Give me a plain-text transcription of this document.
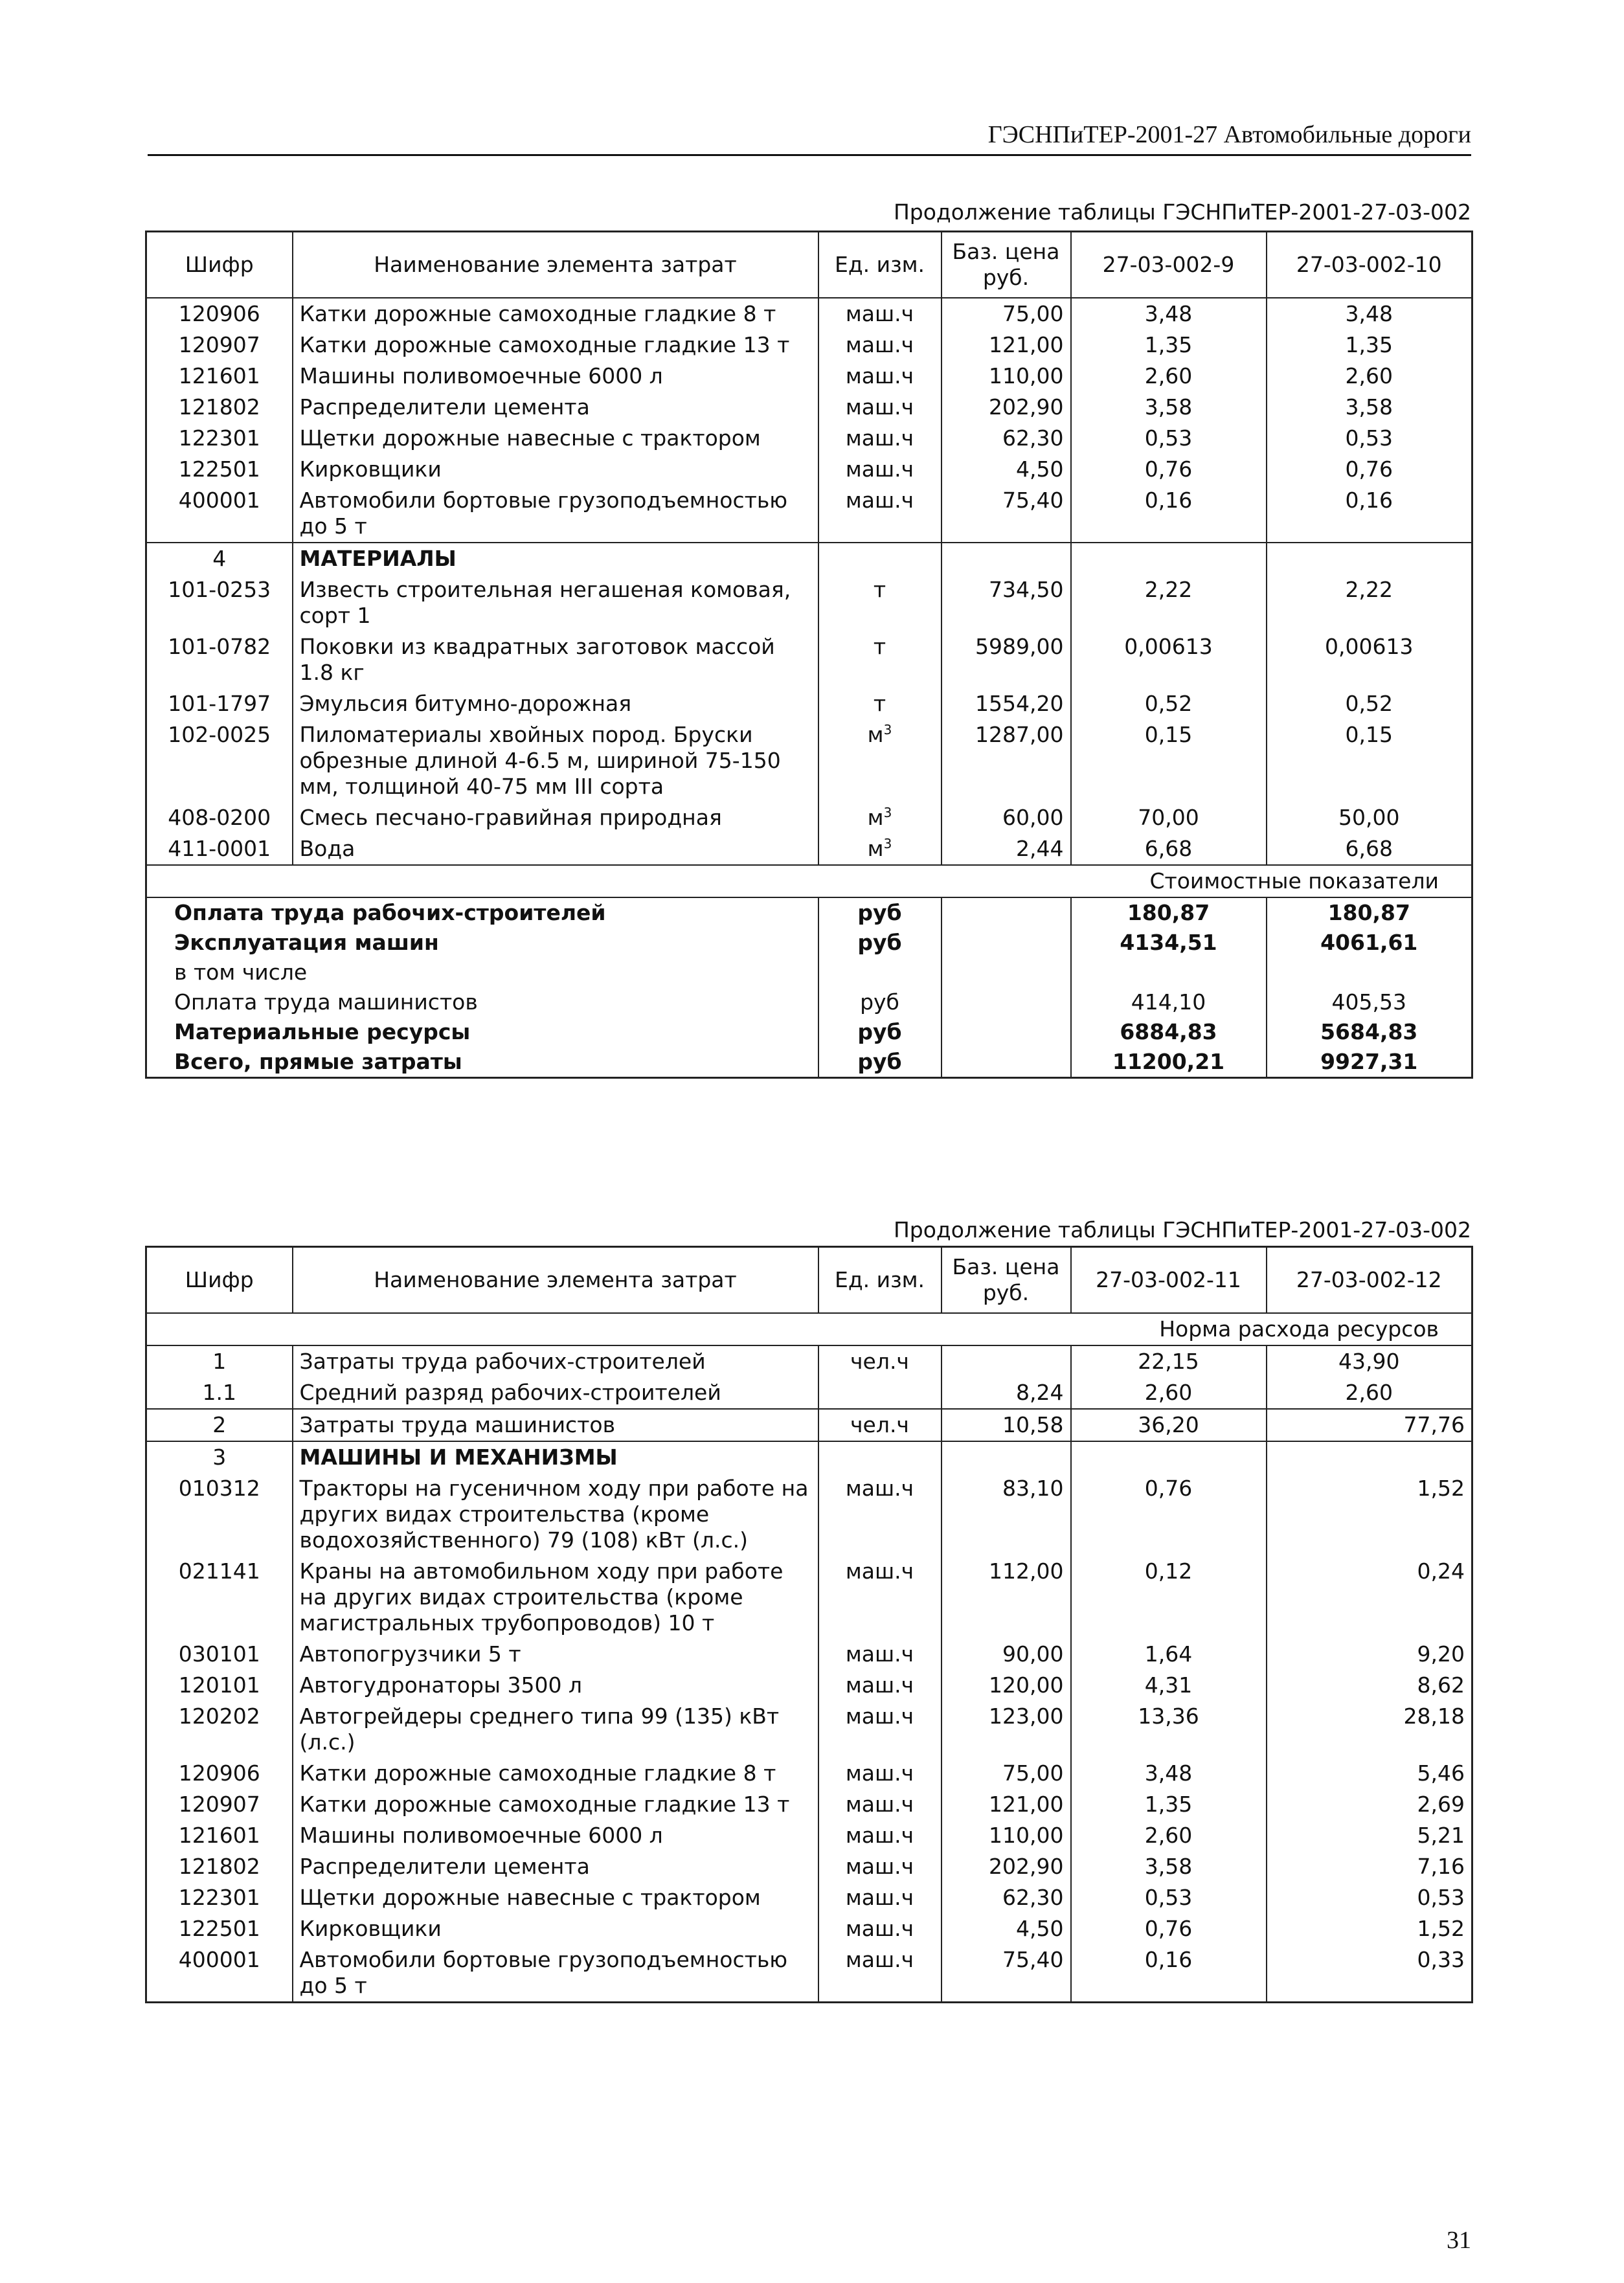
ГЭСНПиТЕР-2001-27 Автомобильные дороги
Продолжение таблицы ГЭСНПиТЕР-2001-27-03-002
Шифр	Наименование элемента затрат	Ед. изм.	Баз. цена руб.	27-03-002-9	27-03-002-10
120906	Катки дорожные самоходные гладкие 8 т	маш.ч	75,00	3,48	3,48
120907	Катки дорожные самоходные гладкие 13 т	маш.ч	121,00	1,35	1,35
121601	Машины поливомоечные 6000 л	маш.ч	110,00	2,60	2,60
121802	Распределители цемента	маш.ч	202,90	3,58	3,58
122301	Щетки дорожные навесные с трактором	маш.ч	62,30	0,53	0,53
122501	Кирковщики	маш.ч	4,50	0,76	0,76
400001	Автомобили бортовые грузоподъемностью до 5 т	маш.ч	75,40	0,16	0,16
4	МАТЕРИАЛЫ				
101-0253	Известь строительная негашеная комовая, сорт 1	т	734,50	2,22	2,22
101-0782	Поковки из квадратных заготовок массой 1.8 кг	т	5989,00	0,00613	0,00613
101-1797	Эмульсия битумно-дорожная	т	1554,20	0,52	0,52
102-0025	Пиломатериалы хвойных пород. Бруски обрезные длиной 4-6.5 м, шириной 75-150 мм, толщиной 40-75 мм III сорта	$м^3$	1287,00	0,15	0,15
408-0200	Смесь песчано-гравийная природная	$м^3$	60,00	70,00	50,00
411-0001	Вода	$м^3$	2,44	6,68	6,68
Стоимостные показатели					
Оплата труда рабочих-строителей		руб		180,87	180,87
Эксплуатация машин		руб		4134,51	4061,61
в том числе					
Оплата труда машинистов		руб		414,10	405,53
Материальные ресурсы		руб		6884,83	5684,83
Всего, прямые затраты		руб		11200,21	9927,31
Продолжение таблицы ГЭСНПиТЕР-2001-27-03-002
Шифр	Наименование элемента затрат	Ед. изм.	Баз. цена руб.	27-03-002-11	27-03-002-12
Норма расхода ресурсов					
1	Затраты труда рабочих-строителей	чел.ч		22,15	43,90
1.1	Средний разряд рабочих-строителей		8,24	2,60	2,60
2	Затраты труда машинистов	чел.ч	10,58	36,20	77,76
3	МАШИНЫ И МЕХАНИЗМЫ				
010312	Тракторы на гусеничном ходу при работе на других видах строительства (кроме водохозяйственного) 79 (108) кВт (л.с.)	маш.ч	83,10	0,76	1,52
021141	Краны на автомобильном ходу при работе на других видах строительства (кроме магистральных трубопроводов) 10 т	маш.ч	112,00	0,12	0,24
030101	Автопогрузчики 5 т	маш.ч	90,00	1,64	9,20
120101	Автогудронаторы 3500 л	маш.ч	120,00	4,31	8,62
120202	Автогрейдеры среднего типа 99 (135) кВт (л.с.)	маш.ч	123,00	13,36	28,18
120906	Катки дорожные самоходные гладкие 8 т	маш.ч	75,00	3,48	5,46
120907	Катки дорожные самоходные гладкие 13 т	маш.ч	121,00	1,35	2,69
121601	Машины поливомоечные 6000 л	маш.ч	110,00	2,60	5,21
121802	Распределители цемента	маш.ч	202,90	3,58	7,16
122301	Щетки дорожные навесные с трактором	маш.ч	62,30	0,53	0,53
122501	Кирковщики	маш.ч	4,50	0,76	1,52
400001	Автомобили бортовые грузоподъемностью до 5 т	маш.ч	75,40	0,16	0,33
31
